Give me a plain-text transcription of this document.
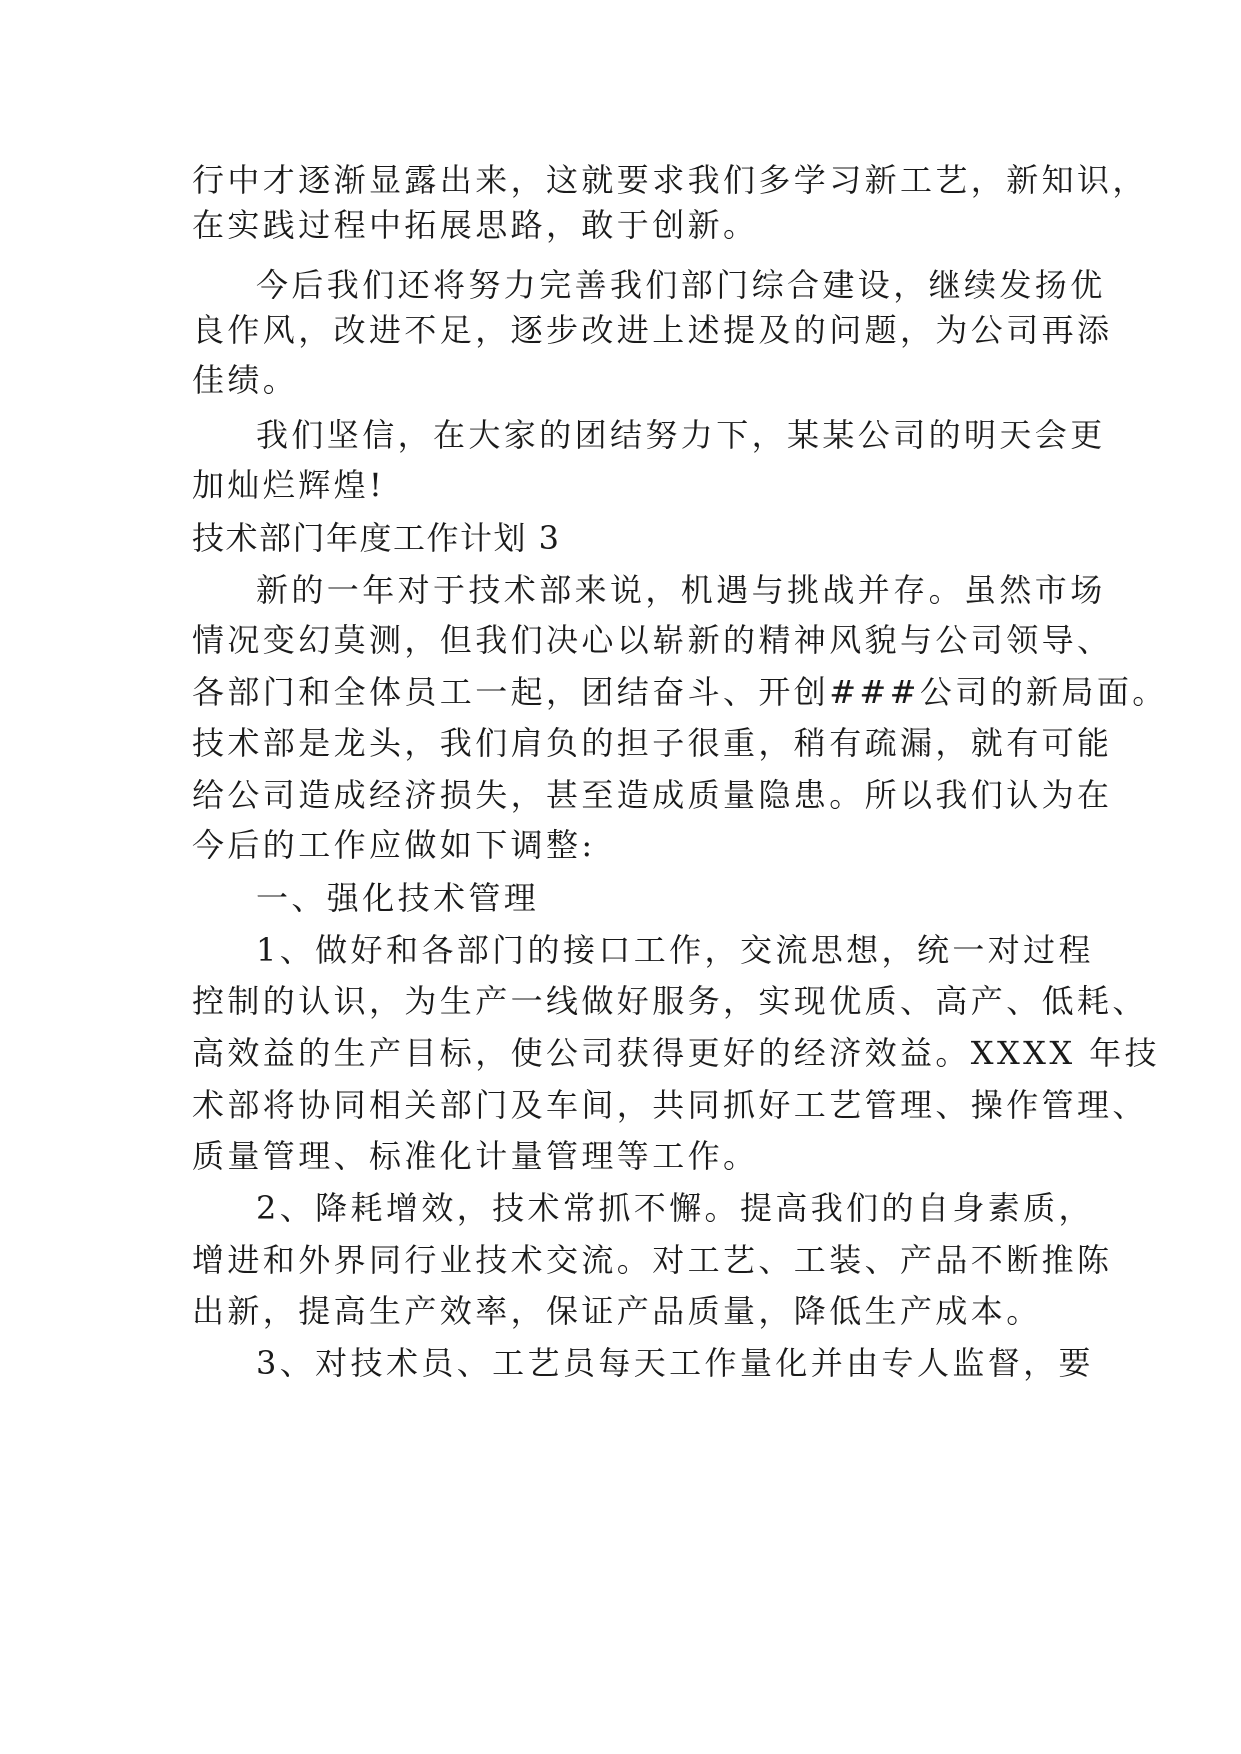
行中才逐渐显露出来，这就要求我们多学习新工艺，新知识，
在实践过程中拓展思路，敢于创新。
今后我们还将努力完善我们部门综合建设，继续发扬优
良作风，改进不足，逐步改进上述提及的问题，为公司再添
佳绩。
我们坚信，在大家的团结努力下，某某公司的明天会更
加灿烂辉煌!
技术部门年度工作计划 3
新的一年对于技术部来说，机遇与挑战并存。虽然市场
情况变幻莫测，但我们决心以崭新的精神风貌与公司领导、
各部门和全体员工一起，团结奋斗、开创###公司的新局面。
技术部是龙头，我们肩负的担子很重，稍有疏漏，就有可能
给公司造成经济损失，甚至造成质量隐患。所以我们认为在
今后的工作应做如下调整:
一、强化技术管理
1、做好和各部门的接口工作，交流思想，统一对过程
控制的认识，为生产一线做好服务，实现优质、高产、低耗、
高效益的生产目标，使公司获得更好的经济效益。XXXX 年技
术部将协同相关部门及车间，共同抓好工艺管理、操作管理、
质量管理、标准化计量管理等工作。
2、降耗增效，技术常抓不懈。提高我们的自身素质，
增进和外界同行业技术交流。对工艺、工装、产品不断推陈
出新，提高生产效率，保证产品质量，降低生产成本。
3、对技术员、工艺员每天工作量化并由专人监督，要
